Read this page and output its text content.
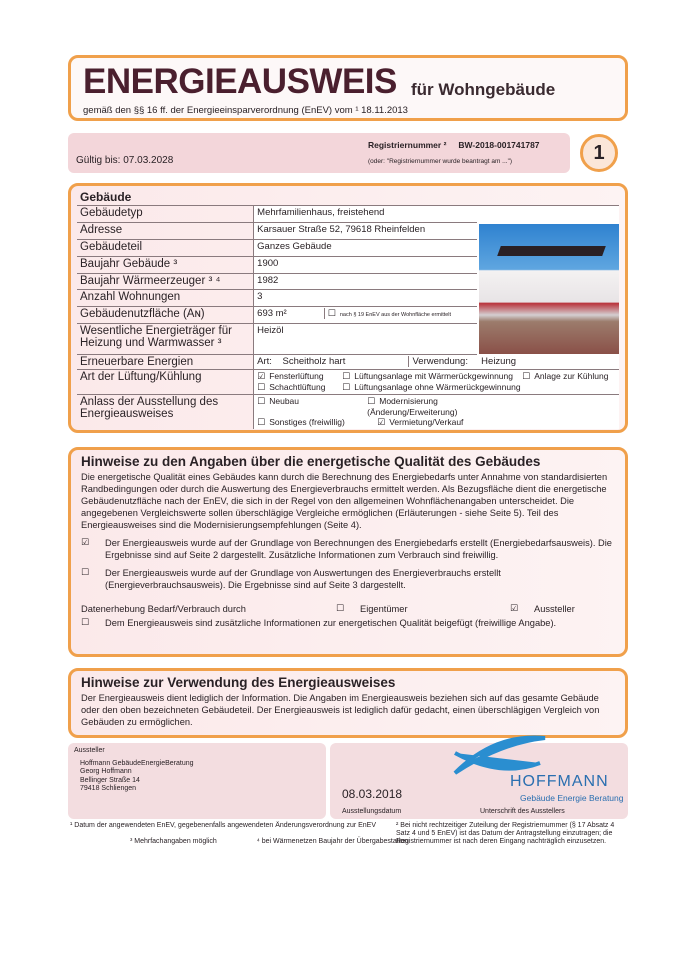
ENERGIEAUSWEIS für Wohngebäude
gemäß den §§ 16 ff. der Energieeinsparverordnung (EnEV) vom ¹ 18.11.2013
Gültig bis: 07.03.2028
Registriernummer ² BW-2018-001741787
(oder: "Registriernummer wurde beantragt am ...")	1
Gebäude		
Gebäudetyp	Mehrfamilienhaus, freistehend	

Adresse	Karsauer Straße 52, 79618 Rheinfelden	
Gebäudeteil	Ganzes Gebäude	
Baujahr Gebäude ³	1900	
Baujahr Wärmeerzeuger ³ ⁴	1982	
Anzahl Wohnungen	3	
Gebäudenutzfläche (Aɴ)	693 m² ☐ nach § 19 EnEV aus der Wohnfläche ermittelt	
Wesentliche Energieträger für Heizung und Warmwasser ³	Heizöl	
Erneuerbare Energien	Art: Scheitholz hart Verwendung: Heizung	
Art der Lüftung/Kühlung	☑ Fensterlüftung ☐ Lüftungsanlage mit Wärmerückgewinnung ☐ Anlage zur Kühlung
☐ Schachtlüftung ☐ Lüftungsanlage ohne Wärmerückgewinnung	

Anlass der Ausstellung des Energieausweises	☐ Neubau ☐ Modernisierung (Änderung/Erweiterung)
☐ Sonstiges (freiwillig) ☑ Vermietung/Verkauf	
Hinweise zu den Angaben über die energetische Qualität des Gebäudes
Die energetische Qualität eines Gebäudes kann durch die Berechnung des Energiebedarfs unter Annahme von standardisierten Randbedingungen oder durch die Auswertung des Energieverbrauchs ermittelt werden. Als Bezugsfläche dient die energetische Gebäudenutzfläche nach der EnEV, die sich in der Regel von den allgemeinen Wohnflächenangaben unterscheidet. Die angegebenen Vergleichswerte sollen überschlägige Vergleiche ermöglichen (Erläuterungen - siehe Seite 5). Teil des Energieausweises sind die Modernisierungsempfehlungen (Seite 4).
☑	Der Energieausweis wurde auf der Grundlage von Berechnungen des Energiebedarfs erstellt (Energiebedarfsausweis). Die Ergebnisse sind auf Seite 2 dargestellt. Zusätzliche Informationen zum Verbrauch sind freiwillig.
☐	Der Energieausweis wurde auf der Grundlage von Auswertungen des Energieverbrauchs erstellt (Energieverbrauchsausweis). Die Ergebnisse sind auf Seite 3 dargestellt.
Datenerhebung Bedarf/Verbrauch durch	☐	Eigentümer	☑	Aussteller
☐	Dem Energieausweis sind zusätzliche Informationen zur energetischen Qualität beigefügt (freiwillige Angabe).
Hinweise zur Verwendung des Energieausweises
Der Energieausweis dient lediglich der Information. Die Angaben im Energieausweis beziehen sich auf das gesamte Gebäude oder den oben bezeichneten Gebäudeteil. Der Energieausweis ist lediglich dafür gedacht, einen überschlägigen Vergleich von Gebäuden zu ermöglichen.
Aussteller
Hoffmann GebäudeEnergieBeratung
Georg Hoffmann
Bellinger Straße 14
79418 Schliengen	08.03.2018
Ausstellungsdatum
HOFFMANN
Gebäude Energie Beratung
Unterschrift des Ausstellers
¹ Datum der angewendeten EnEV, gegebenenfalls angewendeten Änderungsverordnung zur EnEV	² Bei nicht rechtzeitiger Zuteilung der Registriernummer (§ 17 Absatz 4 Satz 4 und 5 EnEV) ist das Datum der Antragstellung einzutragen; die Registriernummer ist nach deren Eingang nachträglich einzusetzen.
³ Mehrfachangaben möglich	⁴ bei Wärmenetzen Baujahr der Übergabestation
